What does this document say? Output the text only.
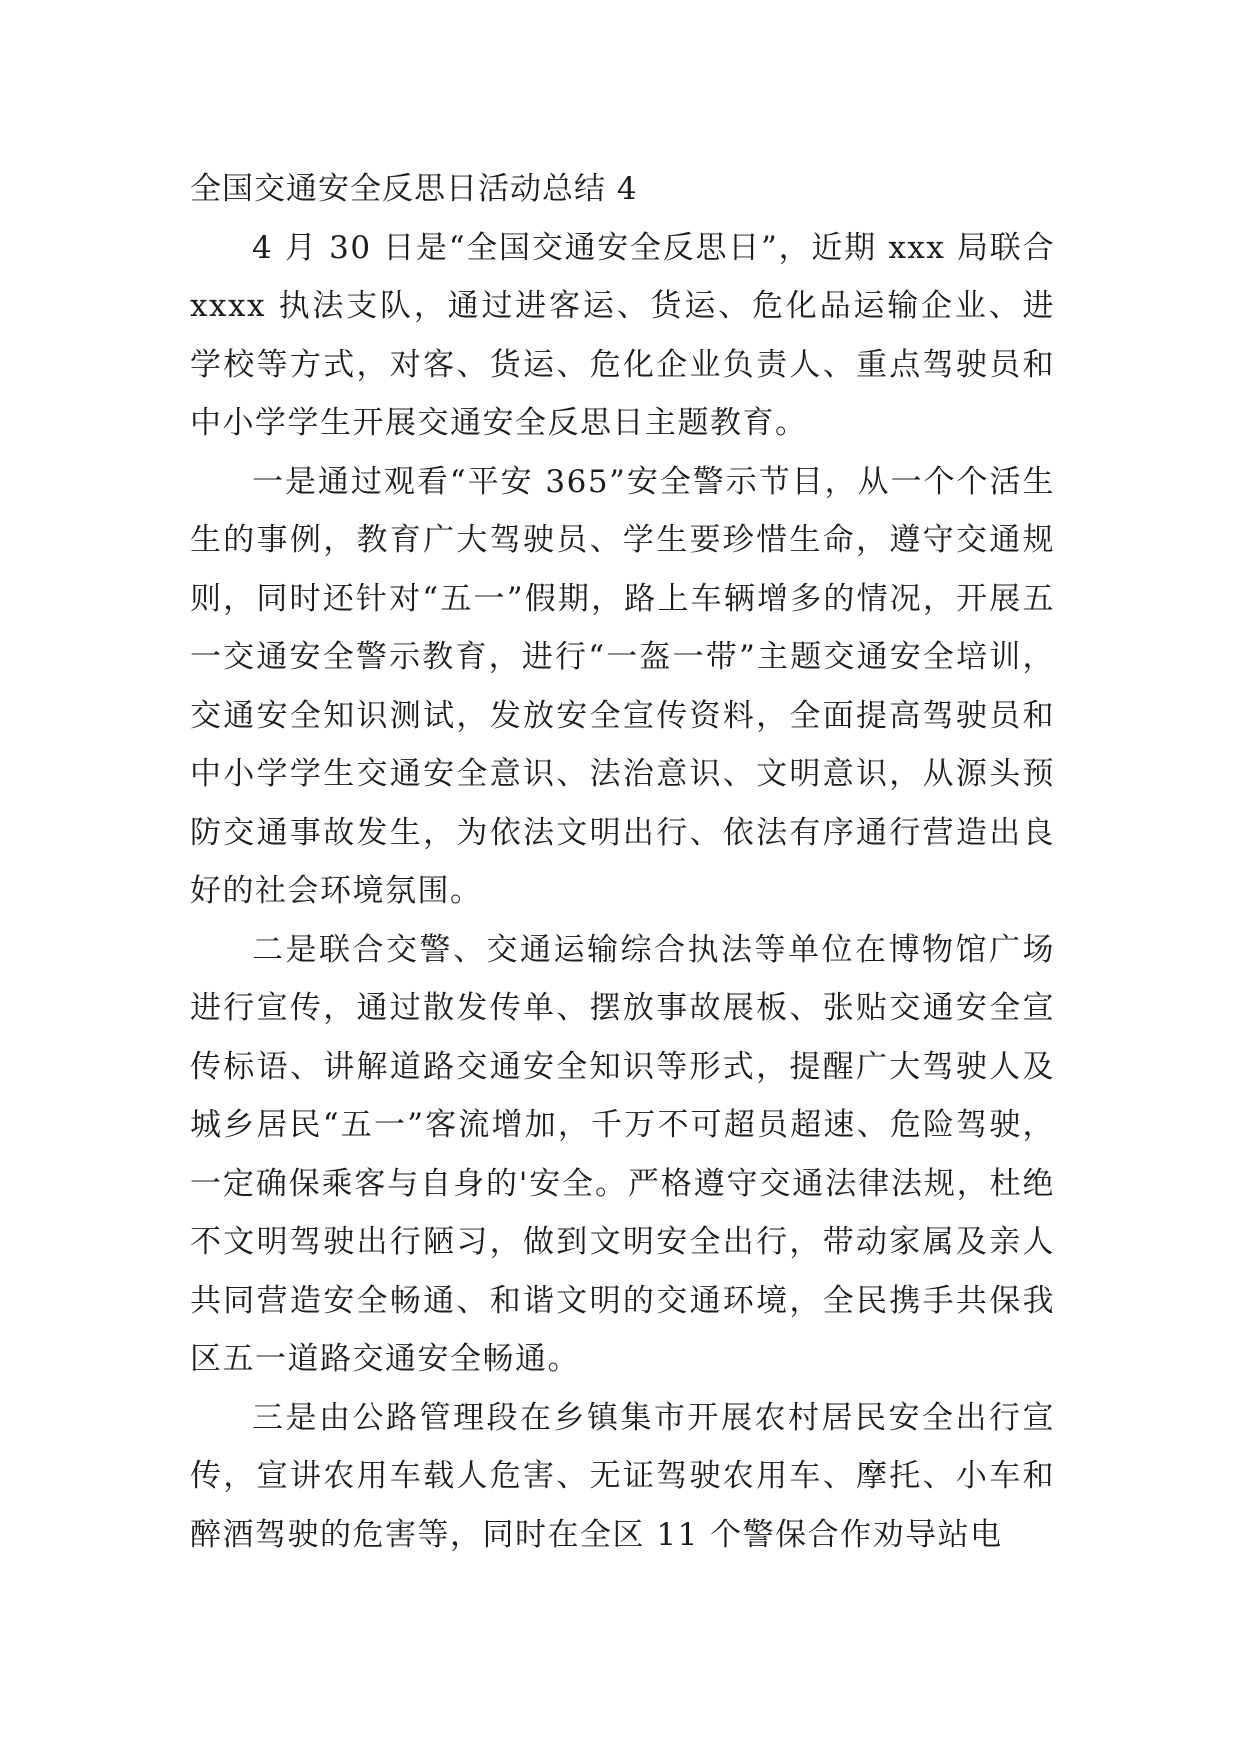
全国交通安全反思日活动总结 4

4 月 30 日是“全国交通安全反思日”，近期 xxx 局联合 xxxx 执法支队，通过进客运、货运、危化品运输企业、进学校等方式，对客、货运、危化企业负责人、重点驾驶员和中小学学生开展交通安全反思日主题教育。

一是通过观看“平安 365”安全警示节目，从一个个活生生的事例，教育广大驾驶员、学生要珍惜生命，遵守交通规则，同时还针对“五一”假期，路上车辆增多的情况，开展五一交通安全警示教育，进行“一盔一带”主题交通安全培训，交通安全知识测试，发放安全宣传资料，全面提高驾驶员和中小学学生交通安全意识、法治意识、文明意识，从源头预防交通事故发生，为依法文明出行、依法有序通行营造出良好的社会环境氛围。

二是联合交警、交通运输综合执法等单位在博物馆广场进行宣传，通过散发传单、摆放事故展板、张贴交通安全宣传标语、讲解道路交通安全知识等形式，提醒广大驾驶人及城乡居民“五一”客流增加，千万不可超员超速、危险驾驶，一定确保乘客与自身的'安全。严格遵守交通法律法规，杜绝不文明驾驶出行陋习，做到文明安全出行，带动家属及亲人共同营造安全畅通、和谐文明的交通环境，全民携手共保我区五一道路交通安全畅通。

三是由公路管理段在乡镇集市开展农村居民安全出行宣传，宣讲农用车载人危害、无证驾驶农用车、摩托、小车和醉酒驾驶的危害等，同时在全区 11 个警保合作劝导站电
